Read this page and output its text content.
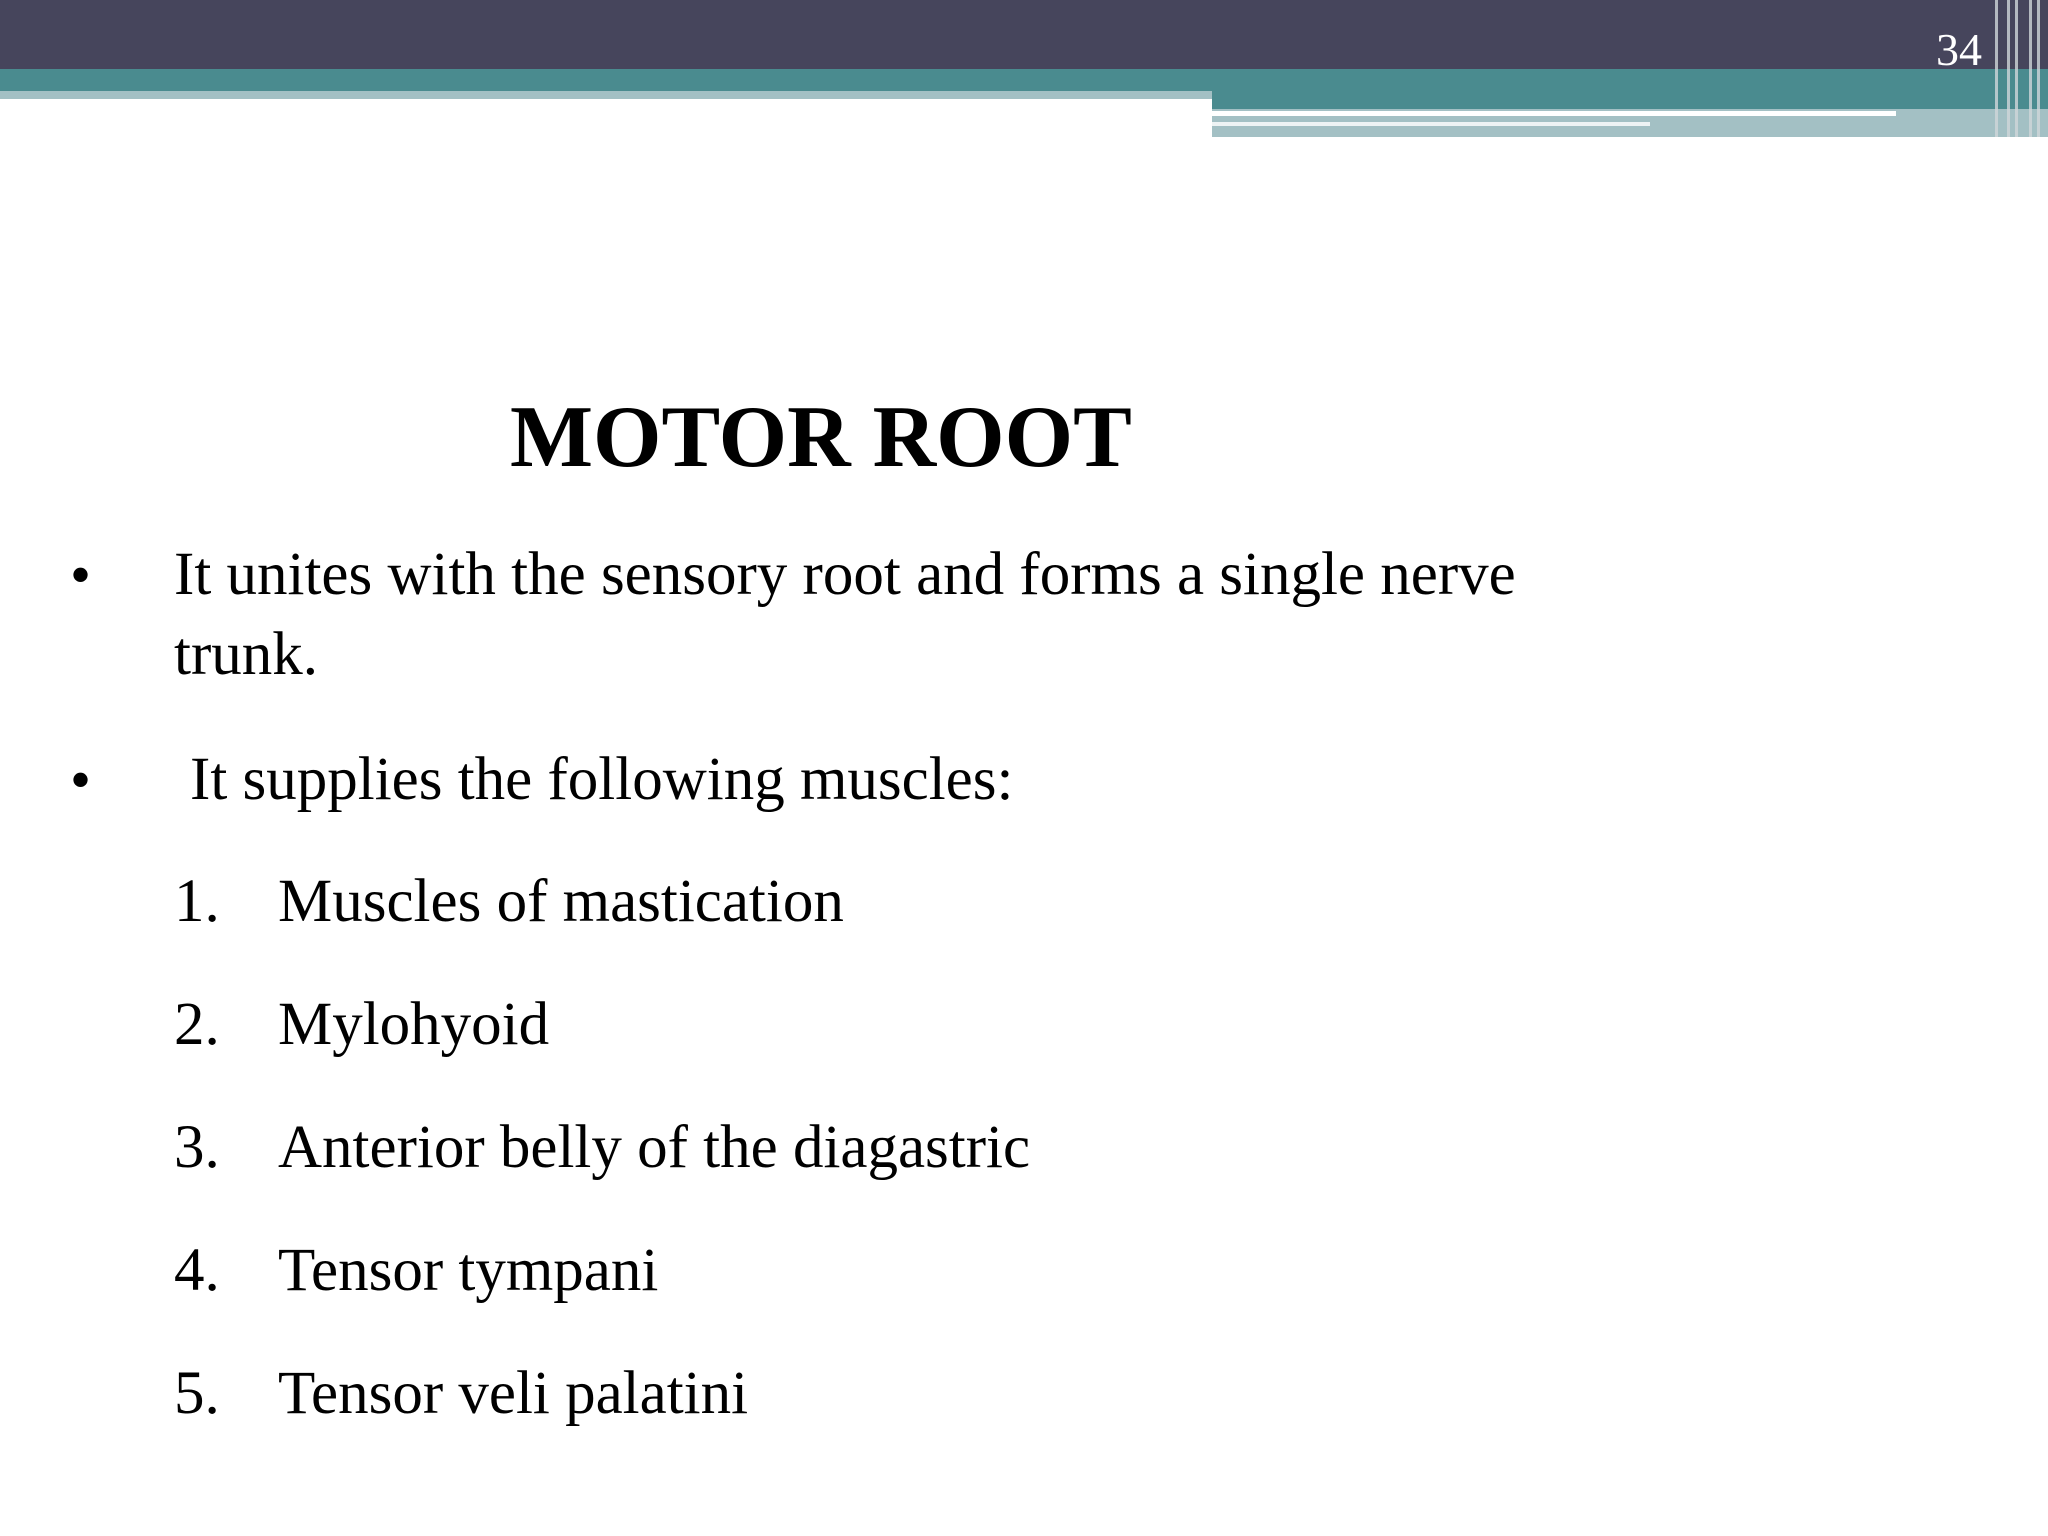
34
MOTOR ROOT
• It unites with the sensory root and forms a single nerve
trunk.
• It supplies the following muscles:
1. Muscles of mastication
2. Mylohyoid
3. Anterior belly of the diagastric
4. Tensor tympani
5. Tensor veli palatini
